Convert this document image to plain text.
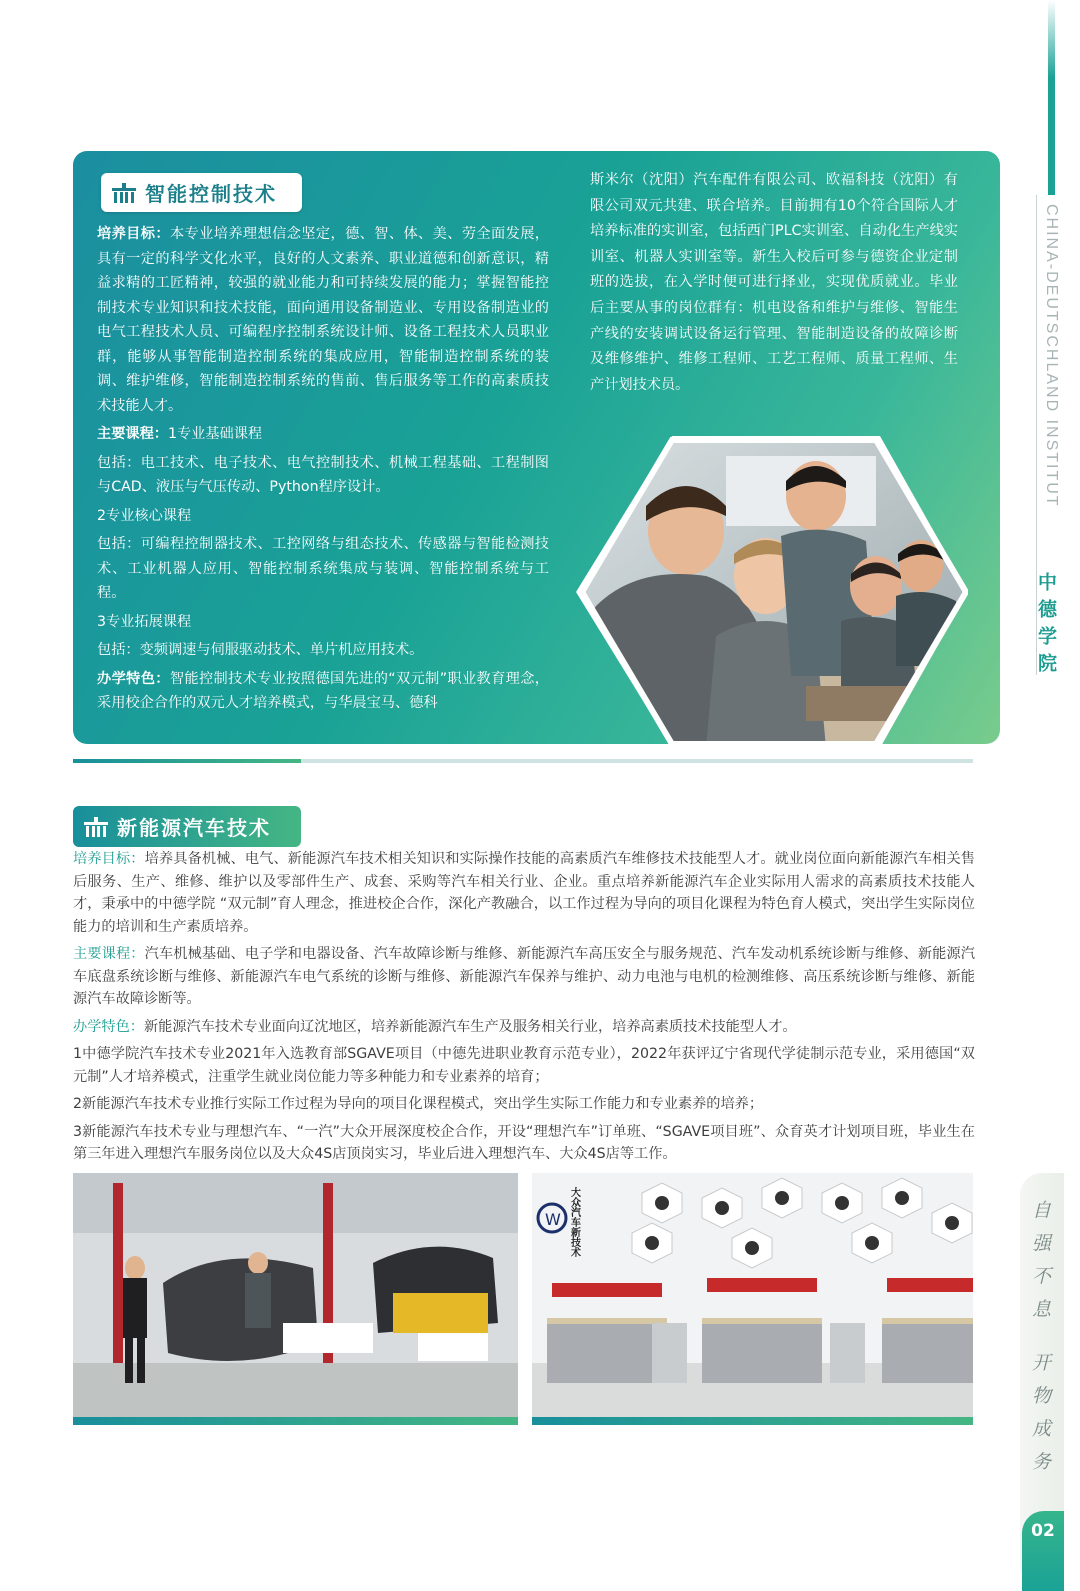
CHINA-DEUTSCHLAND INSTITUT
中德学院
自强不息 开物成务
02
智能控制技术

培养目标：本专业培养理想信念坚定，德、智、体、美、劳全面发展，具有一定的科学文化水平，良好的人文素养、职业道德和创新意识，精益求精的工匠精神，较强的就业能力和可持续发展的能力；掌握智能控制技术专业知识和技术技能，面向通用设备制造业、专用设备制造业的电气工程技术人员、可编程序控制系统设计师、设备工程技术人员职业群，能够从事智能制造控制系统的集成应用，智能制造控制系统的装调、维护维修，智能制造控制系统的售前、售后服务等工作的高素质技术技能人才。

主要课程：1专业基础课程

包括：电工技术、电子技术、电气控制技术、机械工程基础、工程制图与CAD、液压与气压传动、Python程序设计。

2专业核心课程

包括：可编程控制器技术、工控网络与组态技术、传感器与智能检测技术、工业机器人应用、智能控制系统集成与装调、智能控制系统与工程。

3专业拓展课程

包括：变频调速与伺服驱动技术、单片机应用技术。

办学特色：智能控制技术专业按照德国先进的“双元制”职业教育理念，采用校企合作的双元人才培养模式，与华晨宝马、德科

斯米尔（沈阳）汽车配件有限公司、欧福科技（沈阳）有限公司双元共建、联合培养。目前拥有10个符合国际人才培养标准的实训室，包括西门PLC实训室、自动化生产线实训室、机器人实训室等。新生入校后可参与德资企业定制班的选拔，在入学时便可进行择业，实现优质就业。毕业后主要从事的岗位群有：机电设备和维护与维修、智能生产线的安装调试设备运行管理、智能制造设备的故障诊断及维修维护、维修工程师、工艺工程师、质量工程师、生产计划技术员。
新能源汽车技术

培养目标：培养具备机械、电气、新能源汽车技术相关知识和实际操作技能的高素质汽车维修技术技能型人才。就业岗位面向新能源汽车相关售后服务、生产、维修、维护以及零部件生产、成套、采购等汽车相关行业、企业。重点培养新能源汽车企业实际用人需求的高素质技术技能人才，秉承中的中德学院 “双元制”育人理念，推进校企合作，深化产教融合，以工作过程为导向的项目化课程为特色育人模式，突出学生实际岗位能力的培训和生产素质培养。

主要课程：汽车机械基础、电子学和电器设备、汽车故障诊断与维修、新能源汽车高压安全与服务规范、汽车发动机系统诊断与维修、新能源汽车底盘系统诊断与维修、新能源汽车电气系统的诊断与维修、新能源汽车保养与维护、动力电池与电机的检测维修、高压系统诊断与维修、新能源汽车故障诊断等。

办学特色：新能源汽车技术专业面向辽沈地区，培养新能源汽车生产及服务相关行业，培养高素质技术技能型人才。

1中德学院汽车技术专业2021年入选教育部SGAVE项目（中德先进职业教育示范专业），2022年获评辽宁省现代学徒制示范专业，采用德国“双元制”人才培养模式，注重学生就业岗位能力等多种能力和专业素养的培育；

2新能源汽车技术专业推行实际工作过程为导向的项目化课程模式，突出学生实际工作能力和专业素养的培养；

3新能源汽车技术专业与理想汽车、“一汽”大众开展深度校企合作，开设“理想汽车”订单班、“SGAVE项目班”、众育英才计划项目班，毕业生在第三年进入理想汽车服务岗位以及大众4S店顶岗实习，毕业后进入理想汽车、大众4S店等工作。

W 大众汽车新技术
